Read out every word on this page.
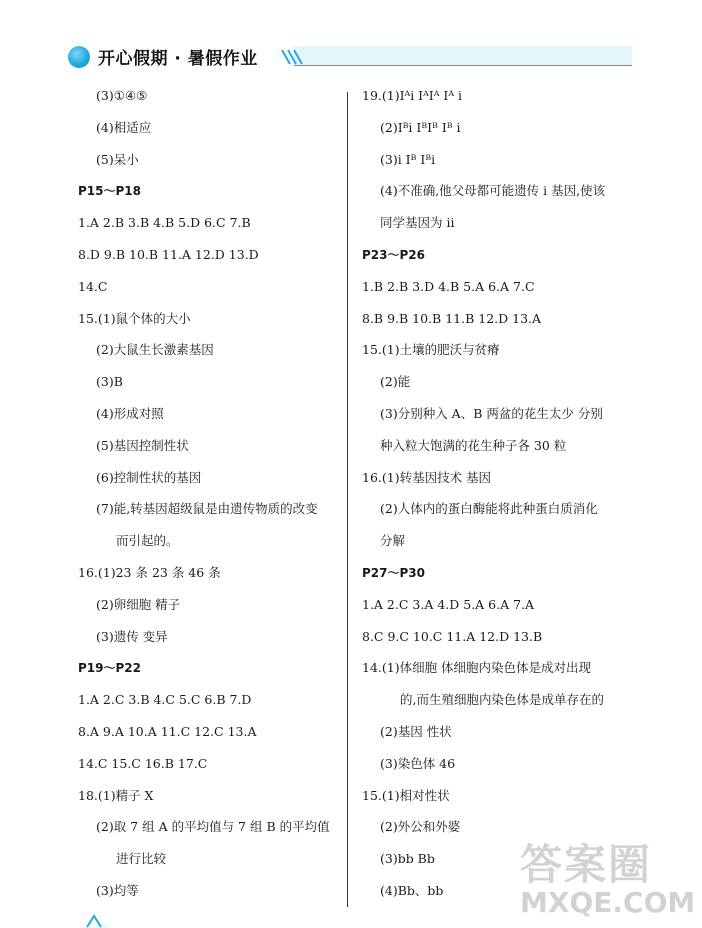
开心假期 · 暑假作业
(3)①④⑤
(4)相适应
(5)呆小
P15～P18
1.A 2.B 3.B 4.B 5.D 6.C 7.B
8.D 9.B 10.B 11.A 12.D 13.D
14.C
15.(1)鼠个体的大小
(2)大鼠生长激素基因
(3)B
(4)形成对照
(5)基因控制性状
(6)控制性状的基因
(7)能,转基因超级鼠是由遗传物质的改变
而引起的。
16.(1)23 条 23 条 46 条
(2)卵细胞 精子
(3)遗传 变异
P19～P22
1.A 2.C 3.B 4.C 5.C 6.B 7.D
8.A 9.A 10.A 11.C 12.C 13.A
14.C 15.C 16.B 17.C
18.(1)精子 X
(2)取 7 组 A 的平均值与 7 组 B 的平均值
进行比较
(3)均等
19.(1)Iᴬi IᴬIᴬ Iᴬ i
(2)Iᴮi IᴮIᴮ Iᴮ i
(3)i Iᴮ Iᴮi
(4)不准确,他父母都可能遗传 i 基因,使该
同学基因为 ii
P23～P26
1.B 2.B 3.D 4.B 5.A 6.A 7.C
8.B 9.B 10.B 11.B 12.D 13.A
15.(1)土壤的肥沃与贫瘠
(2)能
(3)分别种入 A、B 两盆的花生太少 分别
种入粒大饱满的花生种子各 30 粒
16.(1)转基因技术 基因
(2)人体内的蛋白酶能将此种蛋白质消化
分解
P27～P30
1.A 2.C 3.A 4.D 5.A 6.A 7.A
8.C 9.C 10.C 11.A 12.D 13.B
14.(1)体细胞 体细胞内染色体是成对出现
的,而生殖细胞内染色体是成单存在的
(2)基因 性状
(3)染色体 46
15.(1)相对性状
(2)外公和外婆
(3)bb Bb
(4)Bb、bb
答案圈
MXQE.COM
